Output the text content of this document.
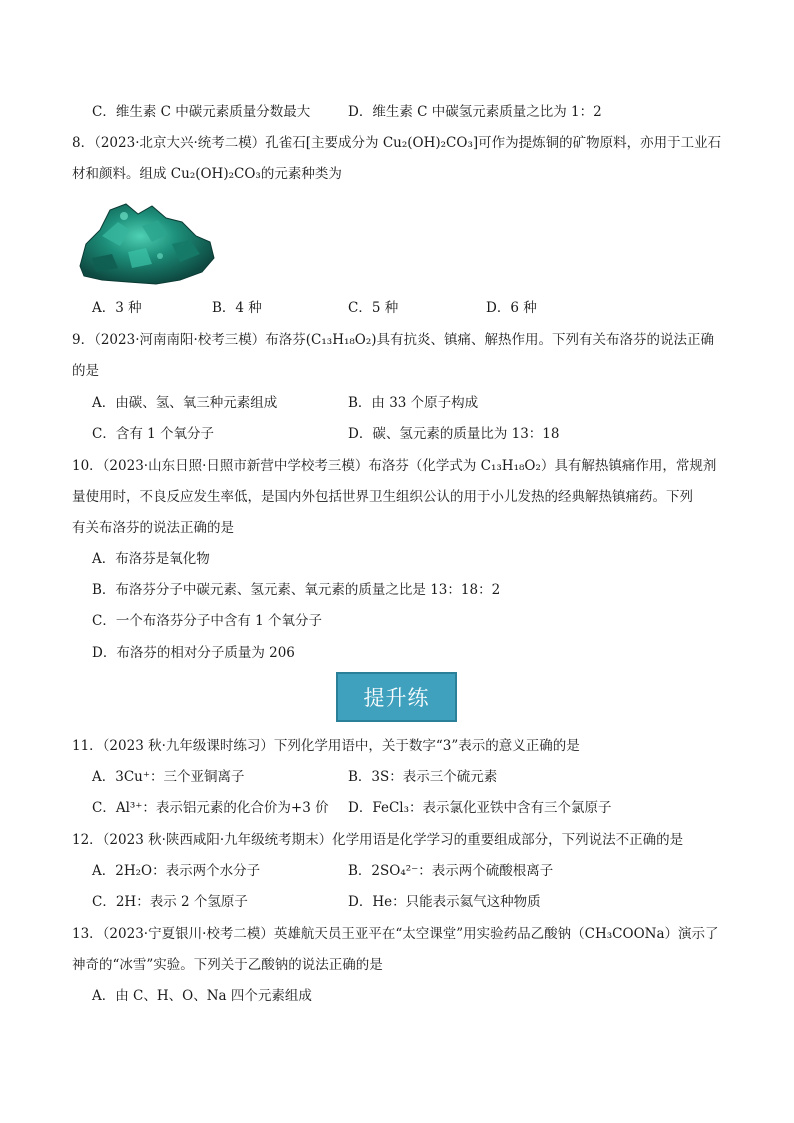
C．维生素 C 中碳元素质量分数最大	D．维生素 C 中碳氢元素质量之比为 1：2
8．（2023·北京大兴·统考二模）孔雀石[主要成分为 Cu₂(OH)₂CO₃]可作为提炼铜的矿物原料，亦用于工业石
材和颜料。组成 Cu₂(OH)₂CO₃的元素种类为
A．3 种	B．4 种	C．5 种	D．6 种
9．（2023·河南南阳·校考三模）布洛芬(C₁₃H₁₈O₂)具有抗炎、镇痛、解热作用。下列有关布洛芬的说法正确
的是
A．由碳、氢、氧三种元素组成	B．由 33 个原子构成
C．含有 1 个氧分子	D．碳、氢元素的质量比为 13：18
10．（2023·山东日照·日照市新营中学校考三模）布洛芬（化学式为 C₁₃H₁₈O₂）具有解热镇痛作用，常规剂
量使用时，不良反应发生率低，是国内外包括世界卫生组织公认的用于小儿发热的经典解热镇痛药。下列
有关布洛芬的说法正确的是
A．布洛芬是氧化物
B．布洛芬分子中碳元素、氢元素、氧元素的质量之比是 13：18：2
C．一个布洛芬分子中含有 1 个氧分子
D．布洛芬的相对分子质量为 206
提升练
11．（2023 秋·九年级课时练习）下列化学用语中，关于数字“3”表示的意义正确的是
A．3Cu⁺：三个亚铜离子	B．3S：表示三个硫元素
C．Al³⁺：表示铝元素的化合价为+3 价 D．FeCl₃：表示氯化亚铁中含有三个氯原子
12．（2023 秋·陕西咸阳·九年级统考期末）化学用语是化学学习的重要组成部分，下列说法不正确的是
A．2H₂O：表示两个水分子	B．2SO₄²⁻：表示两个硫酸根离子
C．2H：表示 2 个氢原子	D．He：只能表示氦气这种物质
13．（2023·宁夏银川·校考二模）英雄航天员王亚平在“太空课堂”用实验药品乙酸钠（CH₃COONa）演示了
神奇的“冰雪”实验。下列关于乙酸钠的说法正确的是
A．由 C、H、O、Na 四个元素组成
